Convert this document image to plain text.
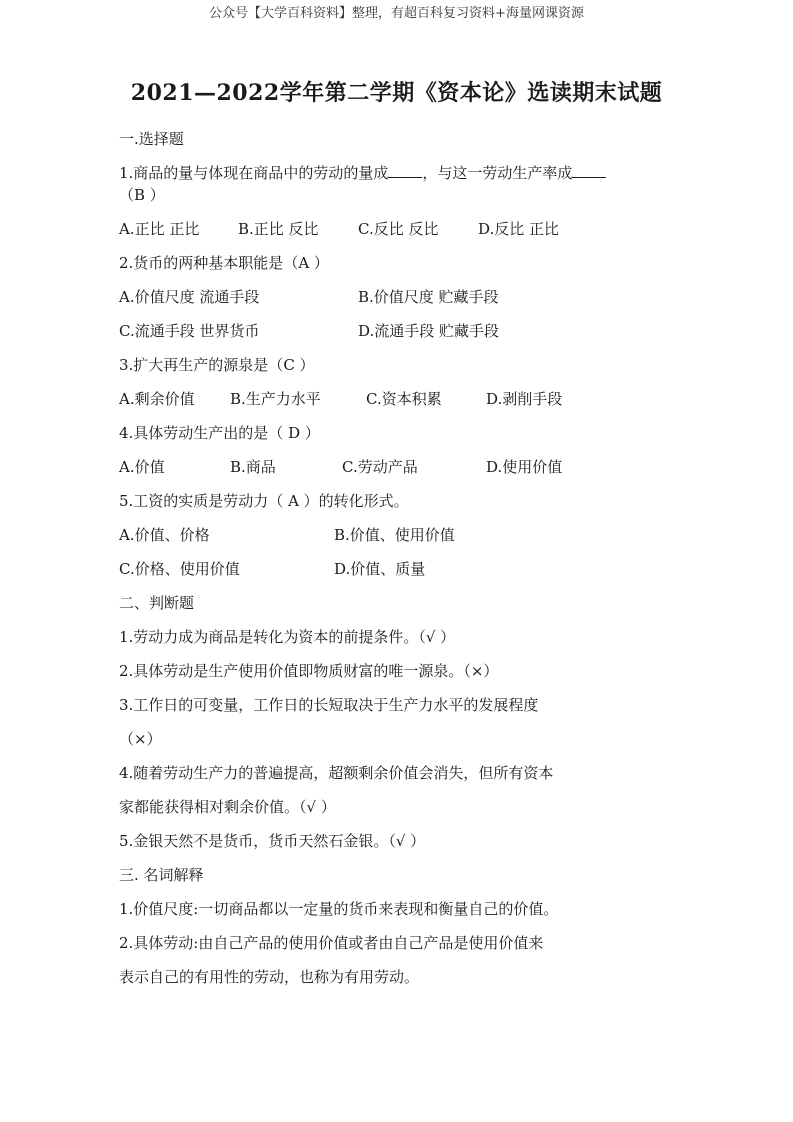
公众号【大学百科资料】整理，有超百科复习资料+海量网课资源
2021—2022学年第二学期《资本论》选读期末试题
一.选择题
1.商品的量与体现在商品中的劳动的量成 ，与这一劳动生产率成
（B ）
A.正比 正比	B.正比 反比	C.反比 反比	D.反比 正比
2.货币的两种基本职能是（A ）
A.价值尺度 流通手段	B.价值尺度 贮藏手段
C.流通手段 世界货币	D.流通手段 贮藏手段
3.扩大再生产的源泉是（C ）
A.剩余价值 B.生产力水平	C.资本积累	D.剥削手段
4.具体劳动生产出的是（ D ）
A.价值	B.商品	C.劳动产品	D.使用价值
5.工资的实质是劳动力（ A ）的转化形式。
A.价值、价格	B.价值、使用价值
C.价格、使用价值	D.价值、质量
二、判断题
1.劳动力成为商品是转化为资本的前提条件。（√ ）
2.具体劳动是生产使用价值即物质财富的唯一源泉。（×）
3.工作日的可变量，工作日的长短取决于生产力水平的发展程度
（×）
4.随着劳动生产力的普遍提高，超额剩余价值会消失，但所有资本
家都能获得相对剩余价值。（√ ）
5.金银天然不是货币，货币天然石金银。（√ ）
三. 名词解释
1.价值尺度:一切商品都以一定量的货币来表现和衡量自己的价值。
2.具体劳动:由自己产品的使用价值或者由自己产品是使用价值来
表示自己的有用性的劳动，也称为有用劳动。
